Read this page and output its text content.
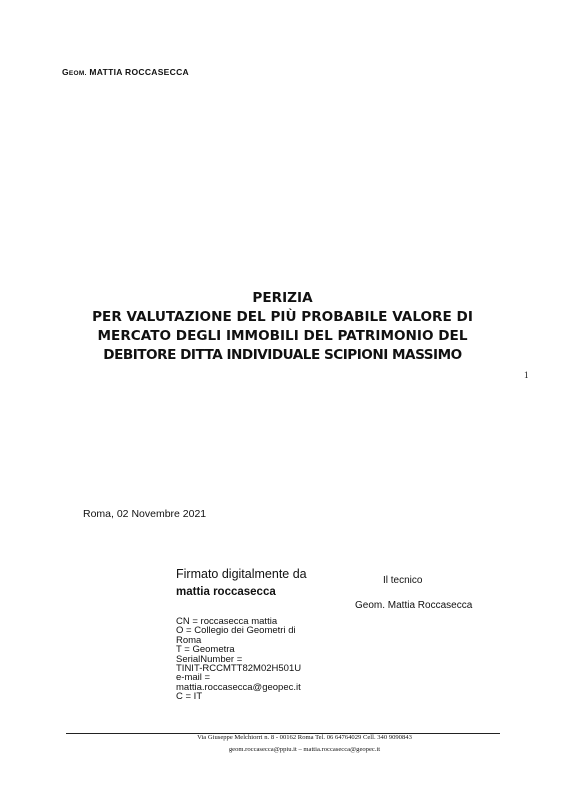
GEOM. MATTIA ROCCASECCA
PERIZIA
PER VALUTAZIONE DEL PIÙ PROBABILE VALORE DI
MERCATO DEGLI IMMOBILI DEL PATRIMONIO DEL
DEBITORE DITTA INDIVIDUALE SCIPIONI MASSIMO
1
Roma, 02 Novembre 2021
Firmato digitalmente da
mattia roccasecca
CN = roccasecca mattia
O = Collegio dei Geometri di
Roma
T = Geometra
SerialNumber =
TINIT-RCCMTT82M02H501U
e-mail =
mattia.roccasecca@geopec.it
C = IT
Il tecnico
Geom. Mattia Roccasecca
Via Giuseppe Melchiorri n. 8 - 00162 Roma Tel. 06 64764029 Cell. 340 9090843
geom.roccasecca@ppiu.it – mattia.roccasecca@geopec.it
